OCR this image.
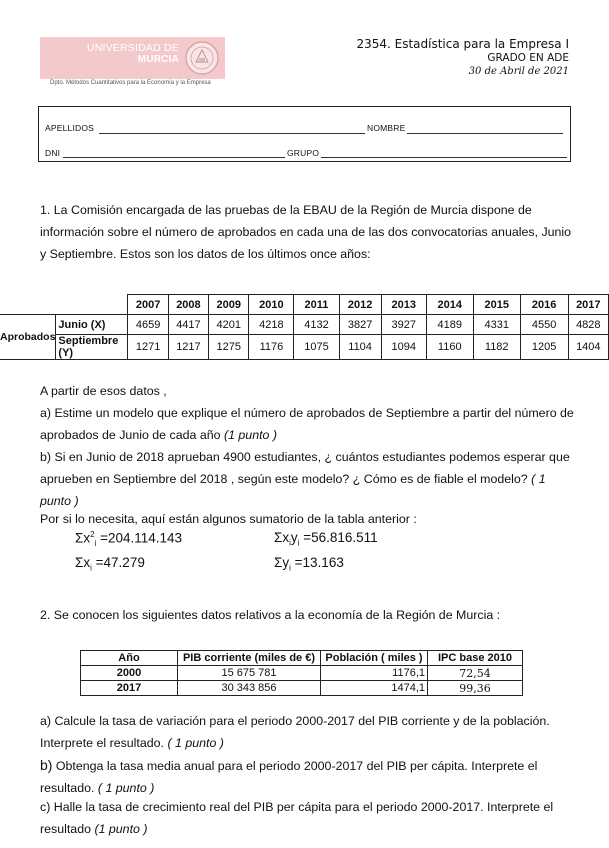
UNIVERSIDAD DE
MURCIA
Dpto. Métodos Cuantitativos para la Economía y la Empresa
2354. Estadística para la Empresa I
GRADO EN ADE
30 de Abril de 2021
APELLIDOS	NOMBRE
DNI	GRUPO
1. La Comisión encargada de las pruebas de la EBAU de la Región de Murcia dispone de información sobre el número de aprobados en cada una de las dos convocatorias anuales, Junio y Septiembre. Estos son los datos de los últimos once años:
		2007	2008	2009	2010	2011	2012	2013	2014	2015	2016	2017
Aprobados	Junio (X)	4659	4417	4201	4218	4132	3827	3927	4189	4331	4550	4828
	Septiembre (Y)	1271	1217	1275	1176	1075	1104	1094	1160	1182	1205	1404
A partir de esos datos ,
a) Estime un modelo que explique el número de aprobados de Septiembre a partir del número de aprobados de Junio de cada año (1 punto )
b) Si en Junio de 2018 aprueban 4900 estudiantes, ¿ cuántos estudiantes podemos esperar que aprueben en Septiembre del 2018 , según este modelo? ¿ Cómo es de fiable el modelo? ( 1 punto )
Por si lo necesita, aquí están algunos sumatorio de la tabla anterior :
$\Sigma x^2_i =204.114.143$	$\Sigma x_iy_i =56.816.511$
$\Sigma x_i =47.279$	$\Sigma y_i =13.163$
2. Se conocen los siguientes datos relativos a la economía de la Región de Murcia :
Año	PIB corriente (miles de €)	Población ( miles )	IPC base 2010
2000	15 675 781	1176,1	72,54
2017	30 343 856	1474,1	99,36
a) Calcule la tasa de variación para el periodo 2000-2017 del PIB corriente y de la población. Interprete el resultado. ( 1 punto )
b) Obtenga la tasa media anual para el periodo 2000-2017 del PIB per cápita. Interprete el resultado. ( 1 punto )
c) Halle la tasa de crecimiento real del PIB per cápita para el periodo 2000-2017. Interprete el resultado (1 punto )
